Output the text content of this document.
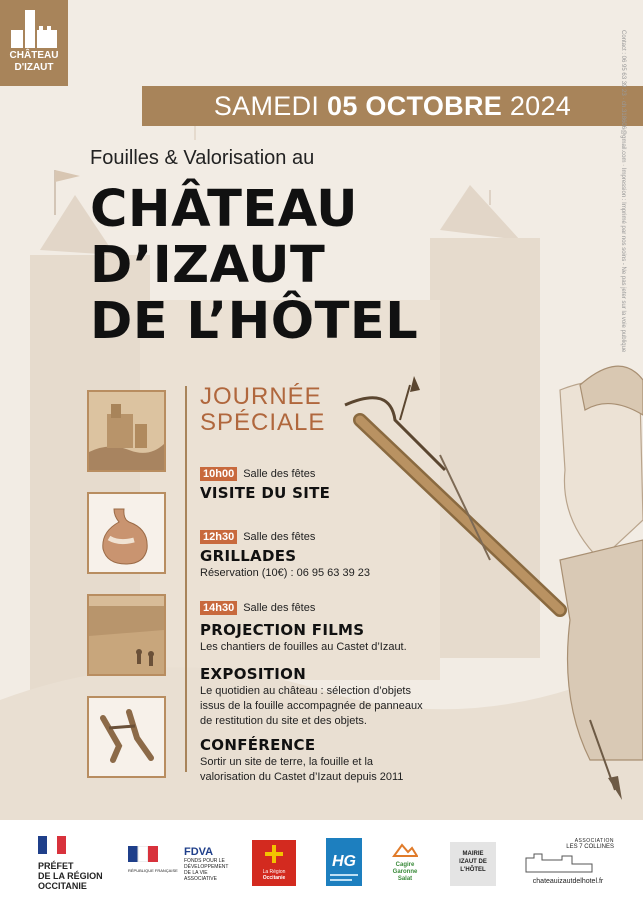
CHÂTEAU
D'IZAUT
SAMEDI 05 OCTOBRE 2024
Fouilles & Valorisation au
CHÂTEAU
D’IZAUT
DE L’HÔTEL
JOURNÉE
SPÉCIALE
10h00 Salle des fêtes
VISITE DU SITE
12h30 Salle des fêtes
GRILLADES
Réservation (10€) : 06 95 63 39 23
14h30 Salle des fêtes
PROJECTION FILMS
Les chantiers de fouilles au Castet d’Izaut.
EXPOSITION
Le quotidien au château : sélection d’objets
issus de la fouille accompagnée de panneaux
de restitution du site et des objets.
CONFÉRENCE
Sortir un site de terre, la fouille et la
valorisation du Castet d’Izaut depuis 2011
Contact : 06 95 63 39 23 · ch.318606@gmail.com · Impression : Imprimé par nos soins - Ne pas jeter sur la voie publique
PRÉFET
DE LA RÉGION
OCCITANIE
RÉPUBLIQUE FRANÇAISE
FDVA
FONDS POUR LE
DÉVELOPPEMENT
DE LA VIE
ASSOCIATIVE
La Région
Occitanie
HG	Cagire
Garonne
Salat
MAIRIE
IZAUT DE
L'HÔTEL
ASSOCIATION
LES 7 COLLINES
chateauizautdelhotel.fr
